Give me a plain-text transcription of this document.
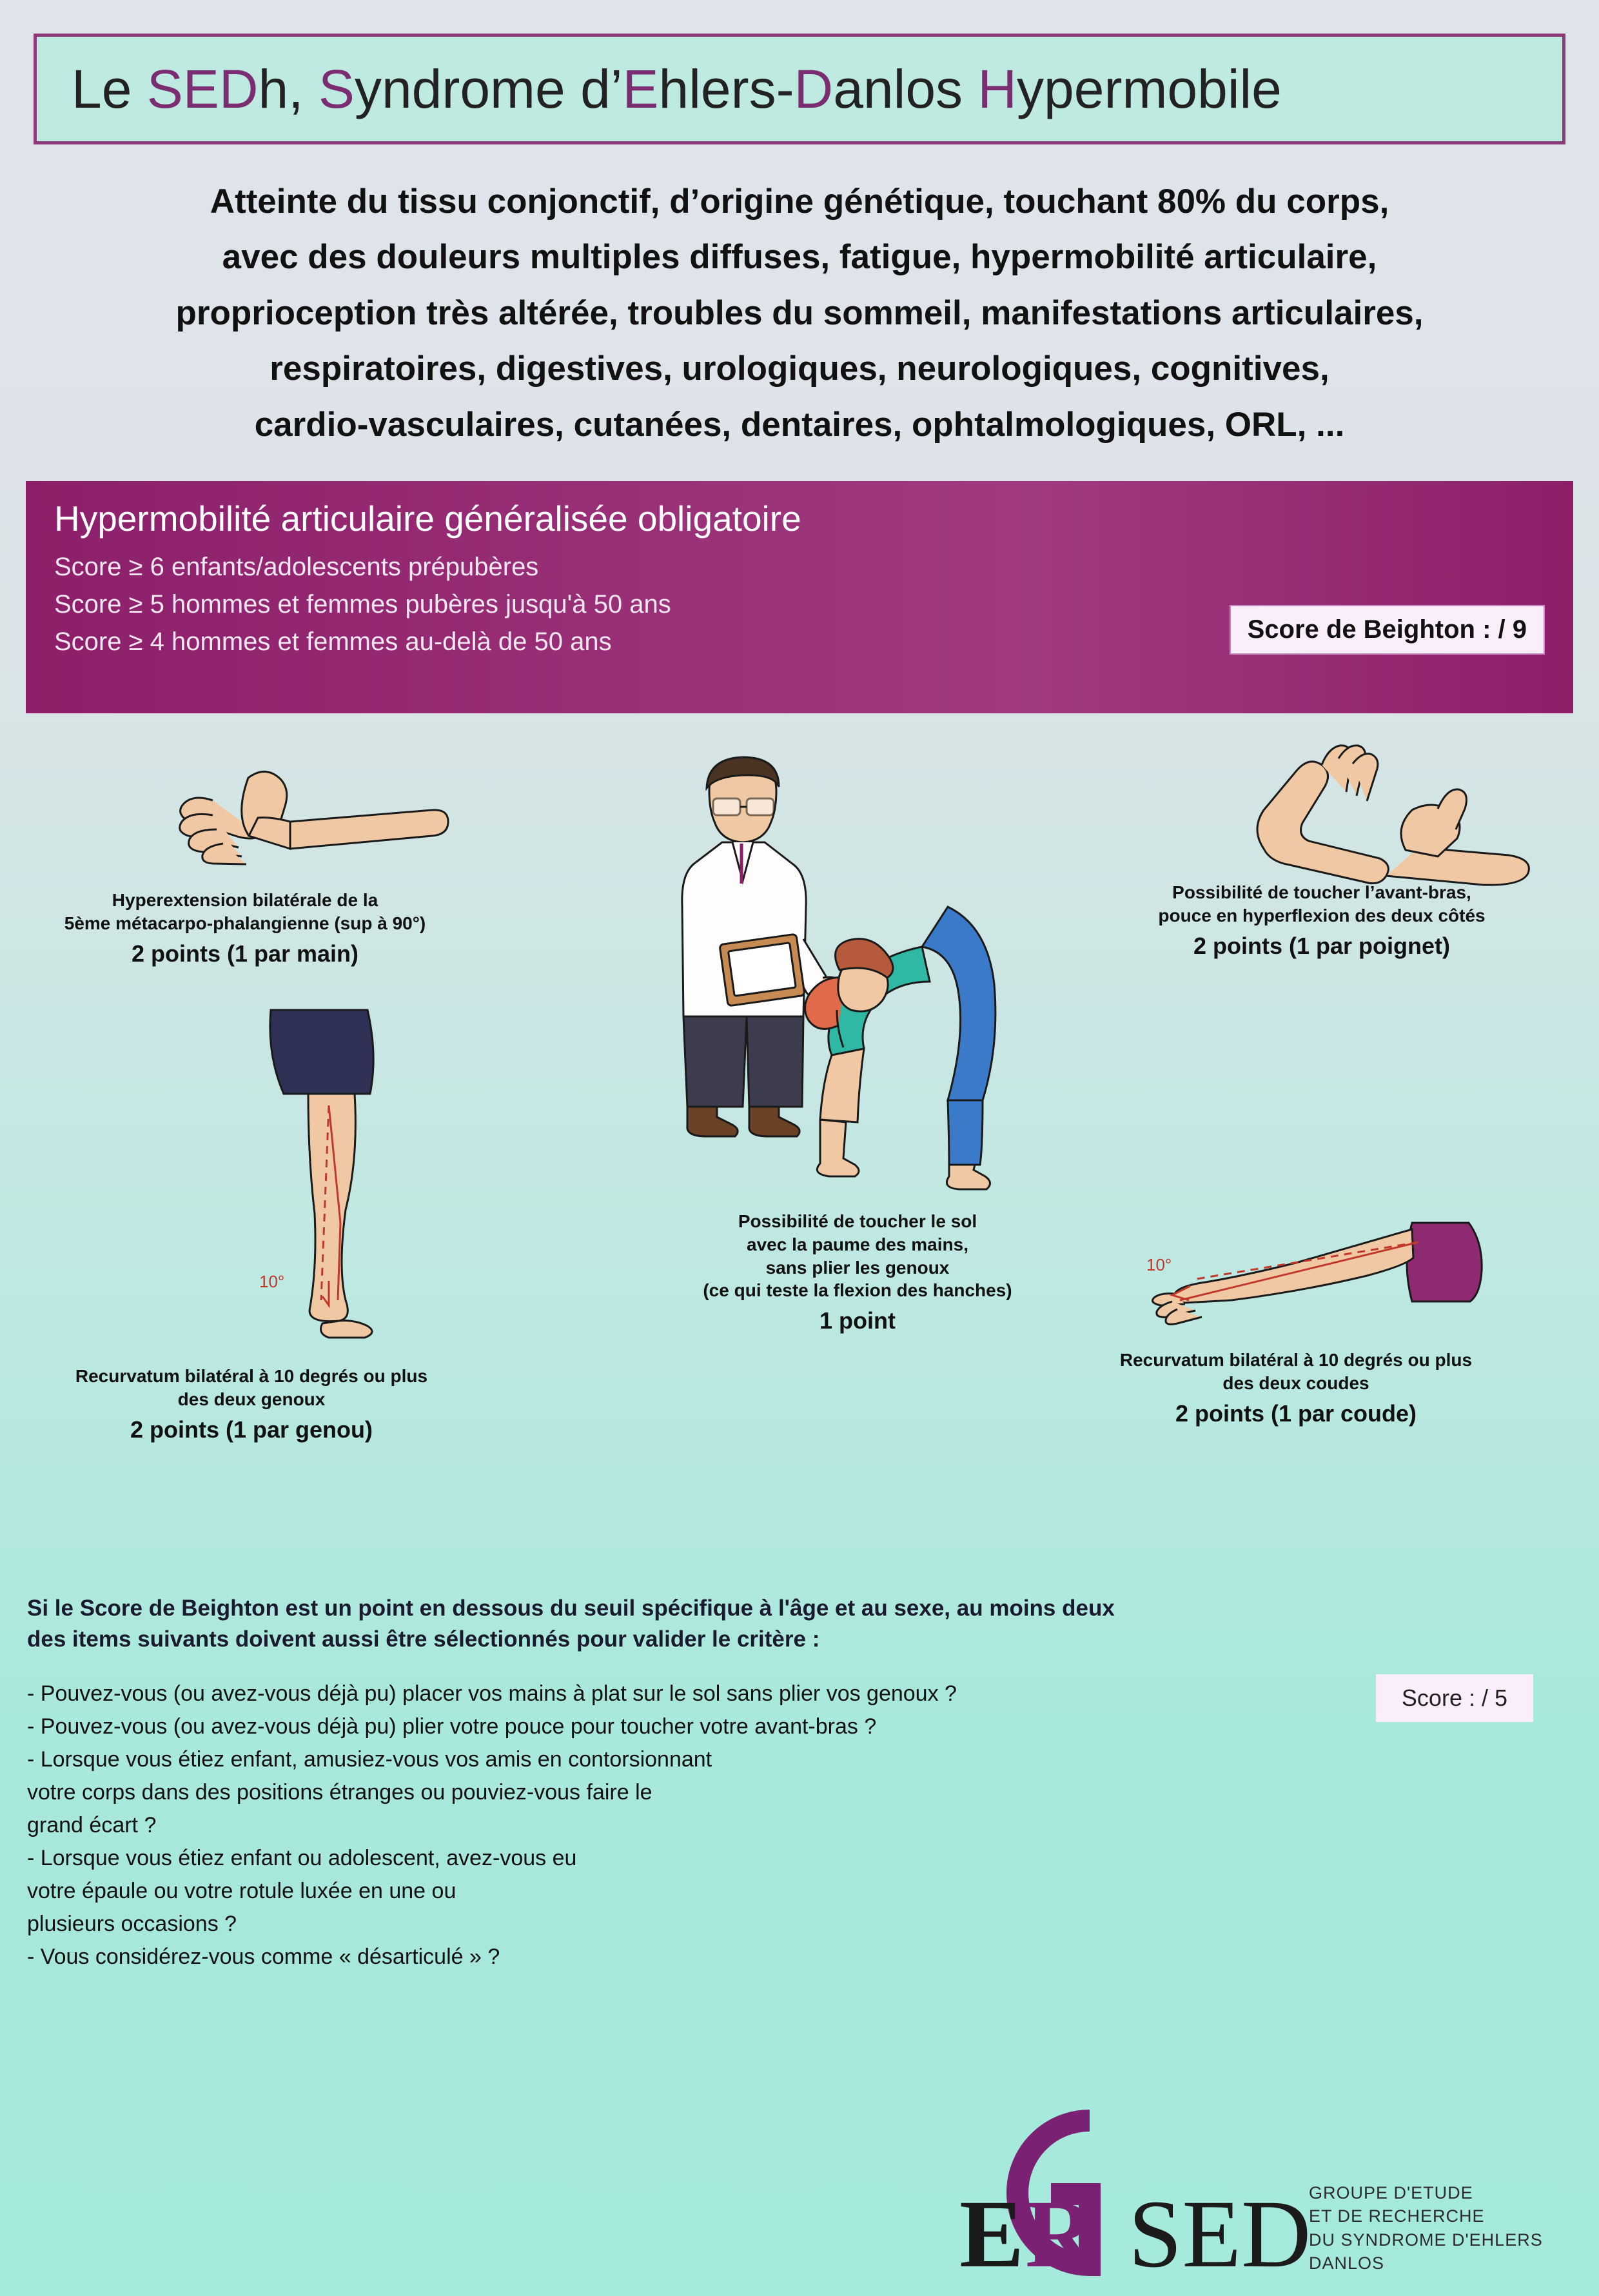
Le SEDh, Syndrome d’Ehlers-Danlos Hypermobile
Atteinte du tissu conjonctif, d’origine génétique, touchant 80% du corps,
avec des douleurs multiples diffuses, fatigue, hypermobilité articulaire,
proprioception très altérée, troubles du sommeil, manifestations articulaires,
respiratoires, digestives, urologiques, neurologiques, cognitives,
cardio-vasculaires, cutanées, dentaires, ophtalmologiques, ORL, ...
Hypermobilité articulaire généralisée obligatoire
Score ≥ 6 enfants/adolescents prépubères
Score ≥ 5 hommes et femmes pubères jusqu'à 50 ans
Score ≥ 4 hommes et femmes au-delà de 50 ans	Score de Beighton : / 9
Hyperextension bilatérale de la
5ème métacarpo-phalangienne (sup à 90°)
2 points (1 par main)
Possibilité de toucher l’avant-bras,
pouce en hyperflexion des deux côtés
2 points (1 par poignet)
10°
Recurvatum bilatéral à 10 degrés ou plus
des deux genoux
2 points (1 par genou)
Possibilité de toucher le sol
avec la paume des mains,
sans plier les genoux
(ce qui teste la flexion des hanches)
1 point
10°
Recurvatum bilatéral à 10 degrés ou plus
des deux coudes
2 points (1 par coude)
Si le Score de Beighton est un point en dessous du seuil spécifique à l'âge et au sexe, au moins deux
des items suivants doivent aussi être sélectionnés pour valider le critère :
- Pouvez-vous (ou avez-vous déjà pu) placer vos mains à plat sur le sol sans plier vos genoux ?
- Pouvez-vous (ou avez-vous déjà pu) plier votre pouce pour toucher votre avant-bras ?
- Lorsque vous étiez enfant, amusiez-vous vos amis en contorsionnant
votre corps dans des positions étranges ou pouviez-vous faire le
grand écart ?
- Lorsque vous étiez enfant ou adolescent, avez-vous eu
votre épaule ou votre rotule luxée en une ou
plusieurs occasions ?
- Vous considérez-vous comme « désarticulé » ?
Score : / 5
E R SED
GROUPE D'ETUDE
ET DE RECHERCHE
DU SYNDROME D'EHLERS DANLOS
